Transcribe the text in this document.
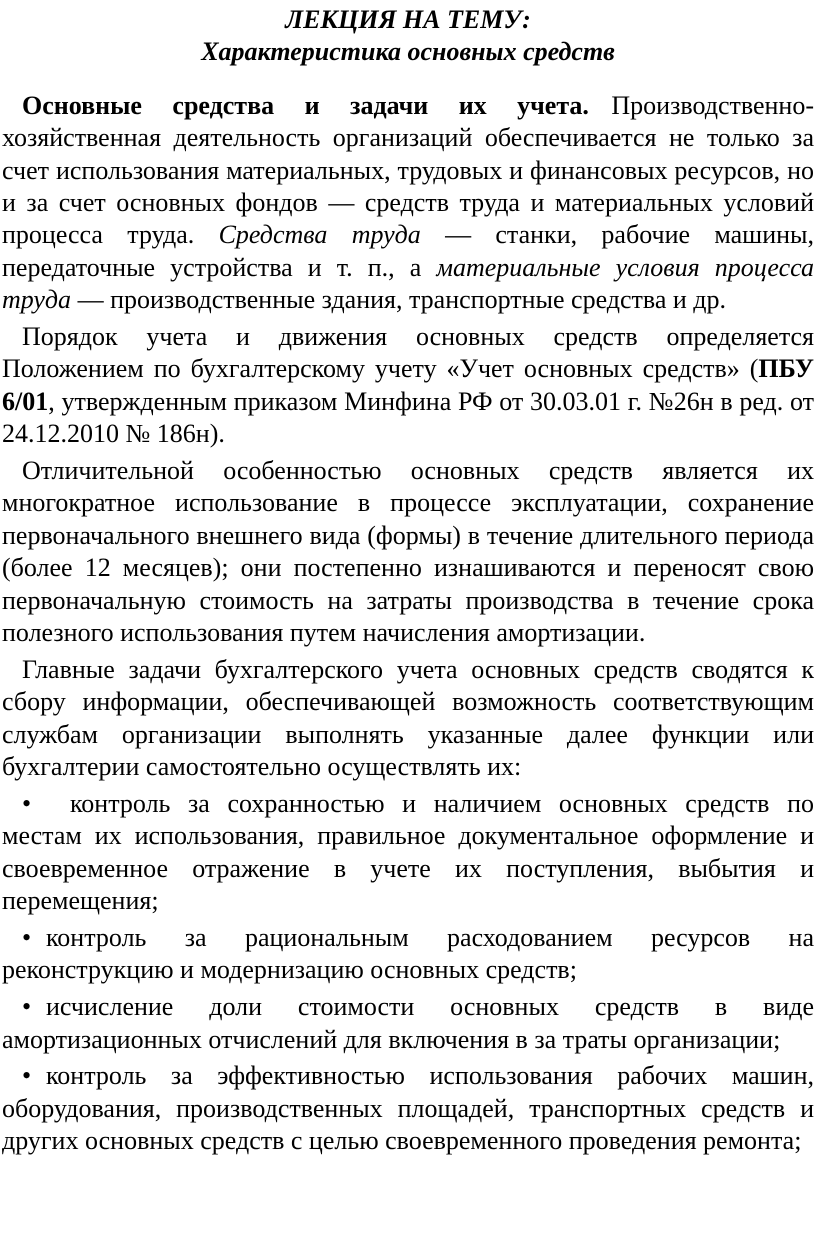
ЛЕКЦИЯ НА ТЕМУ:

Характеристика основных средств

Основные средства и задачи их учета. Производственно-хозяйственная деятельность организаций обеспечивается не только за счет использования материальных, трудовых и финансовых ресурсов, но и за счет основных фондов — средств труда и материальных условий процесса труда. Средства труда — станки, рабочие машины, передаточные устройства и т. п., а материальные условия процесса труда — производственные здания, транспортные средства и др.

Порядок учета и движения основных средств определяется Положением по бухгалтерскому учету «Учет основных средств» (ПБУ 6/01, утвержденным приказом Минфина РФ от 30.03.01 г. №26н в ред. от 24.12.2010 № 186н).

Отличительной особенностью основных средств является их многократное использование в процессе эксплуатации, сохранение первоначального внешнего вида (формы) в течение длительного периода (более 12 месяцев); они постепенно изнашиваются и переносят свою первоначальную стоимость на затраты производства в течение срока полезного использования путем начисления амортизации.

Главные задачи бухгалтерского учета основных средств сводятся к сбору информации, обеспечивающей возможность соответствующим службам организации выполнять указанные далее функции или бухгалтерии самостоятельно осуществлять их:

• контроль за сохранностью и наличием основных средств по местам их использования, правильное документальное оформление и своевременное отражение в учете их поступления, выбытия и перемещения;

• контроль за рациональным расходованием ресурсов на реконструкцию и модернизацию основных средств;

• исчисление доли стоимости основных средств в виде амортизационных отчислений для включения в за траты организации;

• контроль за эффективностью использования рабочих машин, оборудования, производственных площадей, транспортных средств и других основных средств с целью своевременного проведения ремонта;
